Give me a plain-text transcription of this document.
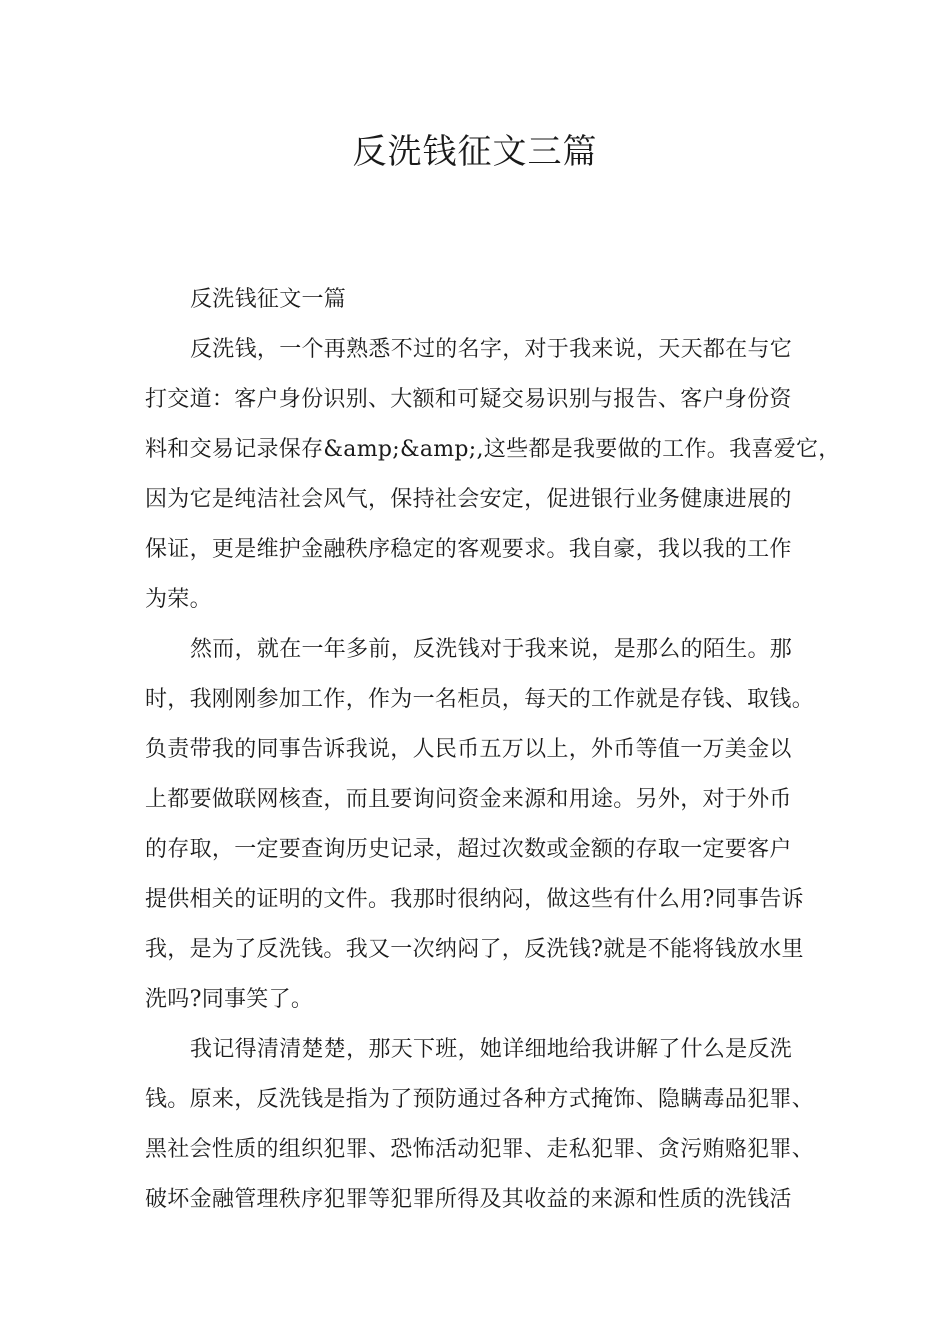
反洗钱征文三篇
反洗钱征文一篇
反洗钱，一个再熟悉不过的名字，对于我来说，天天都在与它
打交道：客户身份识别、大额和可疑交易识别与报告、客户身份资
料和交易记录保存&amp;&amp;,这些都是我要做的工作。我喜爱它，
因为它是纯洁社会风气，保持社会安定，促进银行业务健康进展的
保证，更是维护金融秩序稳定的客观要求。我自豪，我以我的工作
为荣。
然而，就在一年多前，反洗钱对于我来说，是那么的陌生。那
时，我刚刚参加工作，作为一名柜员，每天的工作就是存钱、取钱。
负责带我的同事告诉我说，人民币五万以上，外币等值一万美金以
上都要做联网核查，而且要询问资金来源和用途。另外，对于外币
的存取，一定要查询历史记录，超过次数或金额的存取一定要客户
提供相关的证明的文件。我那时很纳闷，做这些有什么用?同事告诉
我，是为了反洗钱。我又一次纳闷了，反洗钱?就是不能将钱放水里
洗吗?同事笑了。
我记得清清楚楚，那天下班，她详细地给我讲解了什么是反洗
钱。原来，反洗钱是指为了预防通过各种方式掩饰、隐瞒毒品犯罪、
黑社会性质的组织犯罪、恐怖活动犯罪、走私犯罪、贪污贿赂犯罪、
破坏金融管理秩序犯罪等犯罪所得及其收益的来源和性质的洗钱活
